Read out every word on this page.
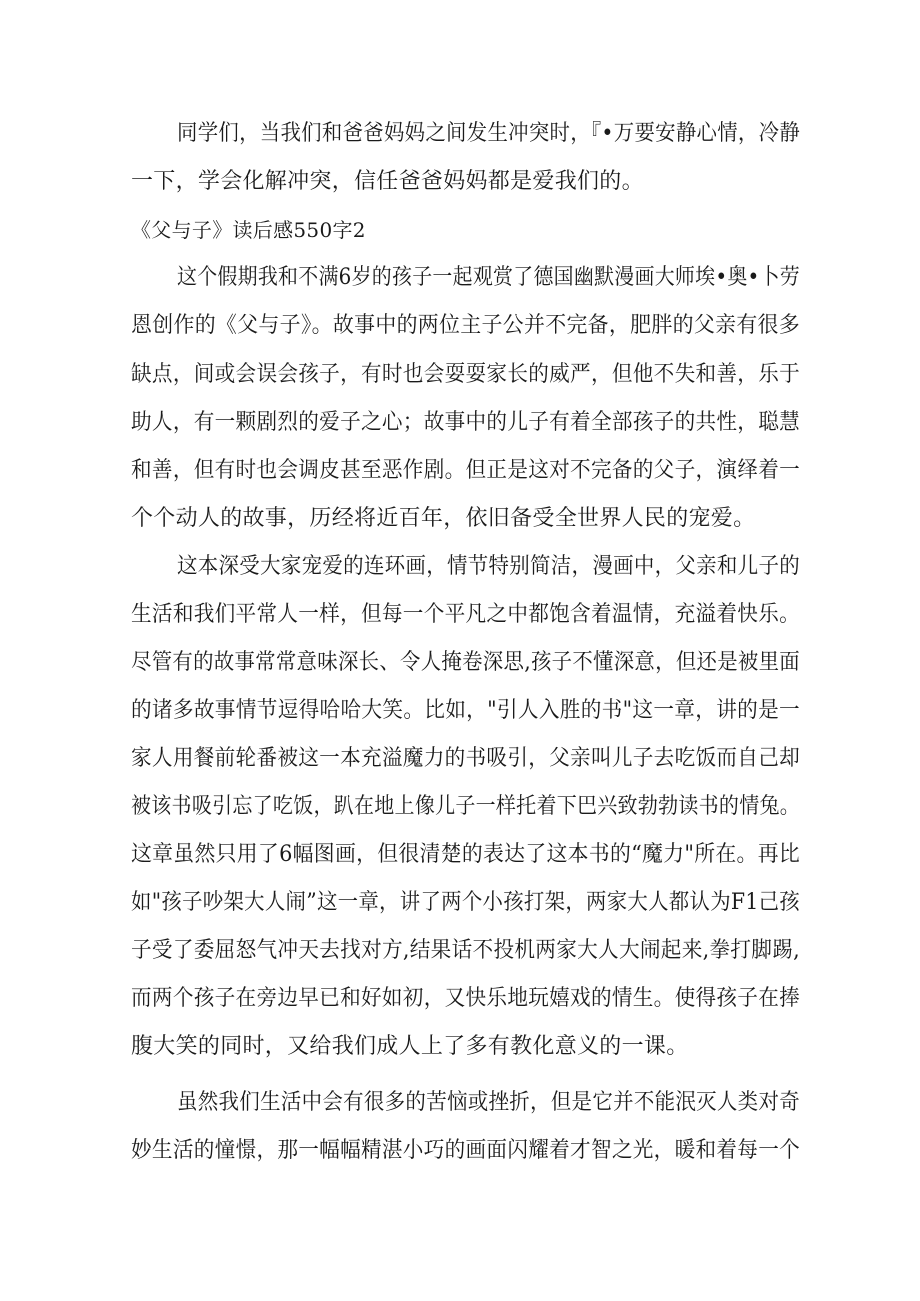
同学们，当我们和爸爸妈妈之间发生冲突时，『•万要安静心情，冷静
一下，学会化解冲突，信任爸爸妈妈都是爱我们的。
《父与子》读后感550字2
这个假期我和不满6岁的孩子一起观赏了德国幽默漫画大师埃•奥•卜劳
恩创作的《父与子》。故事中的两位主子公并不完备，肥胖的父亲有很多
缺点，间或会误会孩子，有时也会耍耍家长的威严，但他不失和善，乐于
助人，有一颗剧烈的爱子之心；故事中的儿子有着全部孩子的共性，聪慧
和善，但有时也会调皮甚至恶作剧。但正是这对不完备的父子，演绎着一
个个动人的故事，历经将近百年，依旧备受全世界人民的宠爱。
这本深受大家宠爱的连环画，情节特别简洁，漫画中，父亲和儿子的
生活和我们平常人一样，但每一个平凡之中都饱含着温情，充溢着快乐。
尽管有的故事常常意味深长、令人掩卷深思,孩子不懂深意，但还是被里面
的诸多故事情节逗得哈哈大笑。比如，"引人入胜的书"这一章，讲的是一
家人用餐前轮番被这一本充溢魔力的书吸引，父亲叫儿子去吃饭而自己却
被该书吸引忘了吃饭，趴在地上像儿子一样托着下巴兴致勃勃读书的情兔。
这章虽然只用了6幅图画，但很清楚的表达了这本书的“魔力"所在。再比
如"孩子吵架大人闹”这一章，讲了两个小孩打架，两家大人都认为F1己孩
子受了委屈怒气冲天去找对方,结果话不投机两家大人大闹起来,拳打脚踢,
而两个孩子在旁边早已和好如初，又快乐地玩嬉戏的情生。使得孩子在捧
腹大笑的同时，又给我们成人上了多有教化意义的一课。
虽然我们生活中会有很多的苦恼或挫折，但是它并不能泯灭人类对奇
妙生活的憧憬，那一幅幅精湛小巧的画面闪耀着才智之光，暖和着每一个
